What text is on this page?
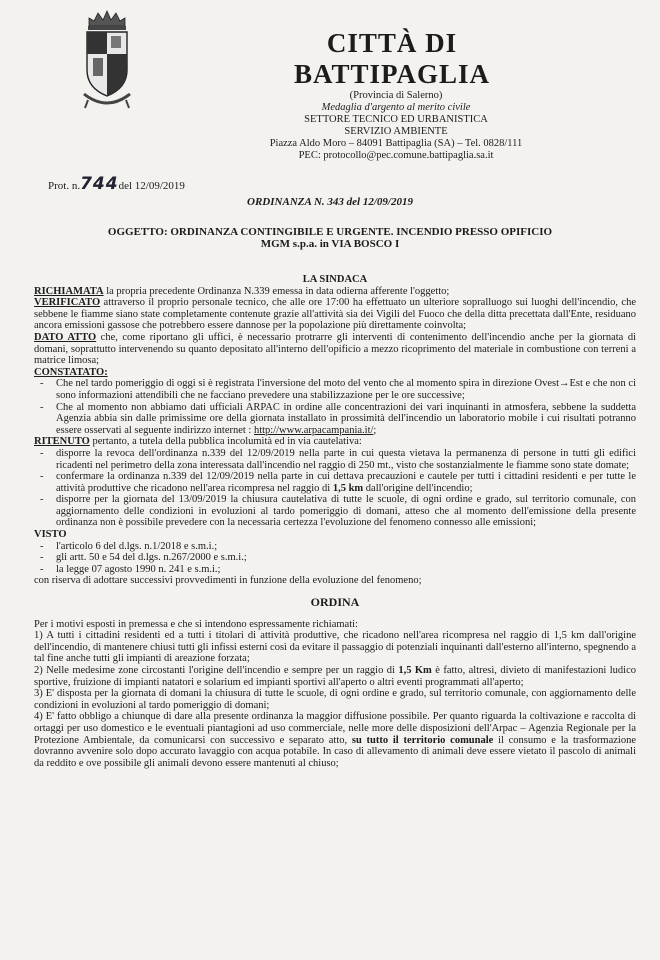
CITTÀ DI BATTIPAGLIA
(Provincia di Salerno)
Medaglia d'argento al merito civile
SETTORE TECNICO ED URBANISTICA
SERVIZIO AMBIENTE
Piazza Aldo Moro – 84091 Battipaglia (SA) – Tel. 0828/111
PEC: protocollo@pec.comune.battipaglia.sa.it
Prot. n.744del 12/09/2019
ORDINANZA N. 343 del 12/09/2019
OGGETTO: ORDINANZA CONTINGIBILE E URGENTE. INCENDIO PRESSO OPIFICIO
MGM s.p.a. in VIA BOSCO I
LA SINDACA

RICHIAMATA la propria precedente Ordinanza N.339 emessa in data odierna afferente l'oggetto;

VERIFICATO attraverso il proprio personale tecnico, che alle ore 17:00 ha effettuato un ulteriore sopralluogo sui luoghi dell'incendio, che sebbene le fiamme siano state completamente contenute grazie all'attività sia dei Vigili del Fuoco che della ditta precettata dall'Ente, residuano ancora emissioni gassose che potrebbero essere dannose per la popolazione più direttamente coinvolta;

DATO ATTO che, come riportano gli uffici, è necessario protrarre gli interventi di contenimento dell'incendio anche per la giornata di domani, soprattutto intervenendo su quanto depositato all'interno dell'opificio a mezzo ricoprimento del materiale in combustione con terreni a matrice limosa;

CONSTATATO:

- Che nel tardo pomeriggio di oggi si è registrata l'inversione del moto del vento che al momento spira in direzione Ovest→Est e che non ci sono informazioni attendibili che ne facciano prevedere una stabilizzazione per le ore successive;
- Che al momento non abbiamo dati ufficiali ARPAC in ordine alle concentrazioni dei vari inquinanti in atmosfera, sebbene la suddetta Agenzia abbia sin dalle primissime ore della giornata installato in prossimità dell'incendio un laboratorio mobile i cui risultati potranno essere osservati al seguente indirizzo internet : http://www.arpacampania.it/;

RITENUTO pertanto, a tutela della pubblica incolumità ed in via cautelativa:

- disporre la revoca dell'ordinanza n.339 del 12/09/2019 nella parte in cui questa vietava la permanenza di persone in tutti gli edifici ricadenti nel perimetro della zona interessata dall'incendio nel raggio di 250 mt., visto che sostanzialmente le fiamme sono state domate;
- confermare la ordinanza n.339 del 12/09/2019 nella parte in cui dettava precauzioni e cautele per tutti i cittadini residenti e per tutte le attività produttive che ricadono nell'area ricompresa nel raggio di 1,5 km dall'origine dell'incendio;
- disporre per la giornata del 13/09/2019 la chiusura cautelativa di tutte le scuole, di ogni ordine e grado, sul territorio comunale, con aggiornamento delle condizioni in evoluzioni al tardo pomeriggio di domani, atteso che al momento dell'emissione della presente ordinanza non è possibile prevedere con la necessaria certezza l'evoluzione del fenomeno connesso alle emissioni;

VISTO

- l'articolo 6 del d.lgs. n.1/2018 e s.m.i.;
- gli artt. 50 e 54 del d.lgs. n.267/2000 e s.m.i.;
- la legge 07 agosto 1990 n. 241 e s.m.i.;

con riserva di adottare successivi provvedimenti in funzione della evoluzione del fenomeno;

ORDINA

Per i motivi esposti in premessa e che si intendono espressamente richiamati:

1) A tutti i cittadini residenti ed a tutti i titolari di attività produttive, che ricadono nell'area ricompresa nel raggio di 1,5 km dall'origine dell'incendio, di mantenere chiusi tutti gli infissi esterni così da evitare il passaggio di potenziali inquinanti dall'esterno all'interno, spegnendo a tal fine anche tutti gli impianti di areazione forzata;

2) Nelle medesime zone circostanti l'origine dell'incendio e sempre per un raggio di 1,5 Km è fatto, altresì, divieto di manifestazioni ludico sportive, fruizione di impianti natatori e solarium ed impianti sportivi all'aperto o altri eventi programmati all'aperto;

3) E' disposta per la giornata di domani la chiusura di tutte le scuole, di ogni ordine e grado, sul territorio comunale, con aggiornamento delle condizioni in evoluzioni al tardo pomeriggio di domani;

4) E' fatto obbligo a chiunque di dare alla presente ordinanza la maggior diffusione possibile. Per quanto riguarda la coltivazione e raccolta di ortaggi per uso domestico e le eventuali piantagioni ad uso commerciale, nelle more delle disposizioni dell'Arpac – Agenzia Regionale per la Protezione Ambientale, da comunicarsi con successivo e separato atto, su tutto il territorio comunale il consumo e la trasformazione dovranno avvenire solo dopo accurato lavaggio con acqua potabile. In caso di allevamento di animali deve essere vietato il pascolo di animali da reddito e ove possibile gli animali devono essere mantenuti al chiuso;
